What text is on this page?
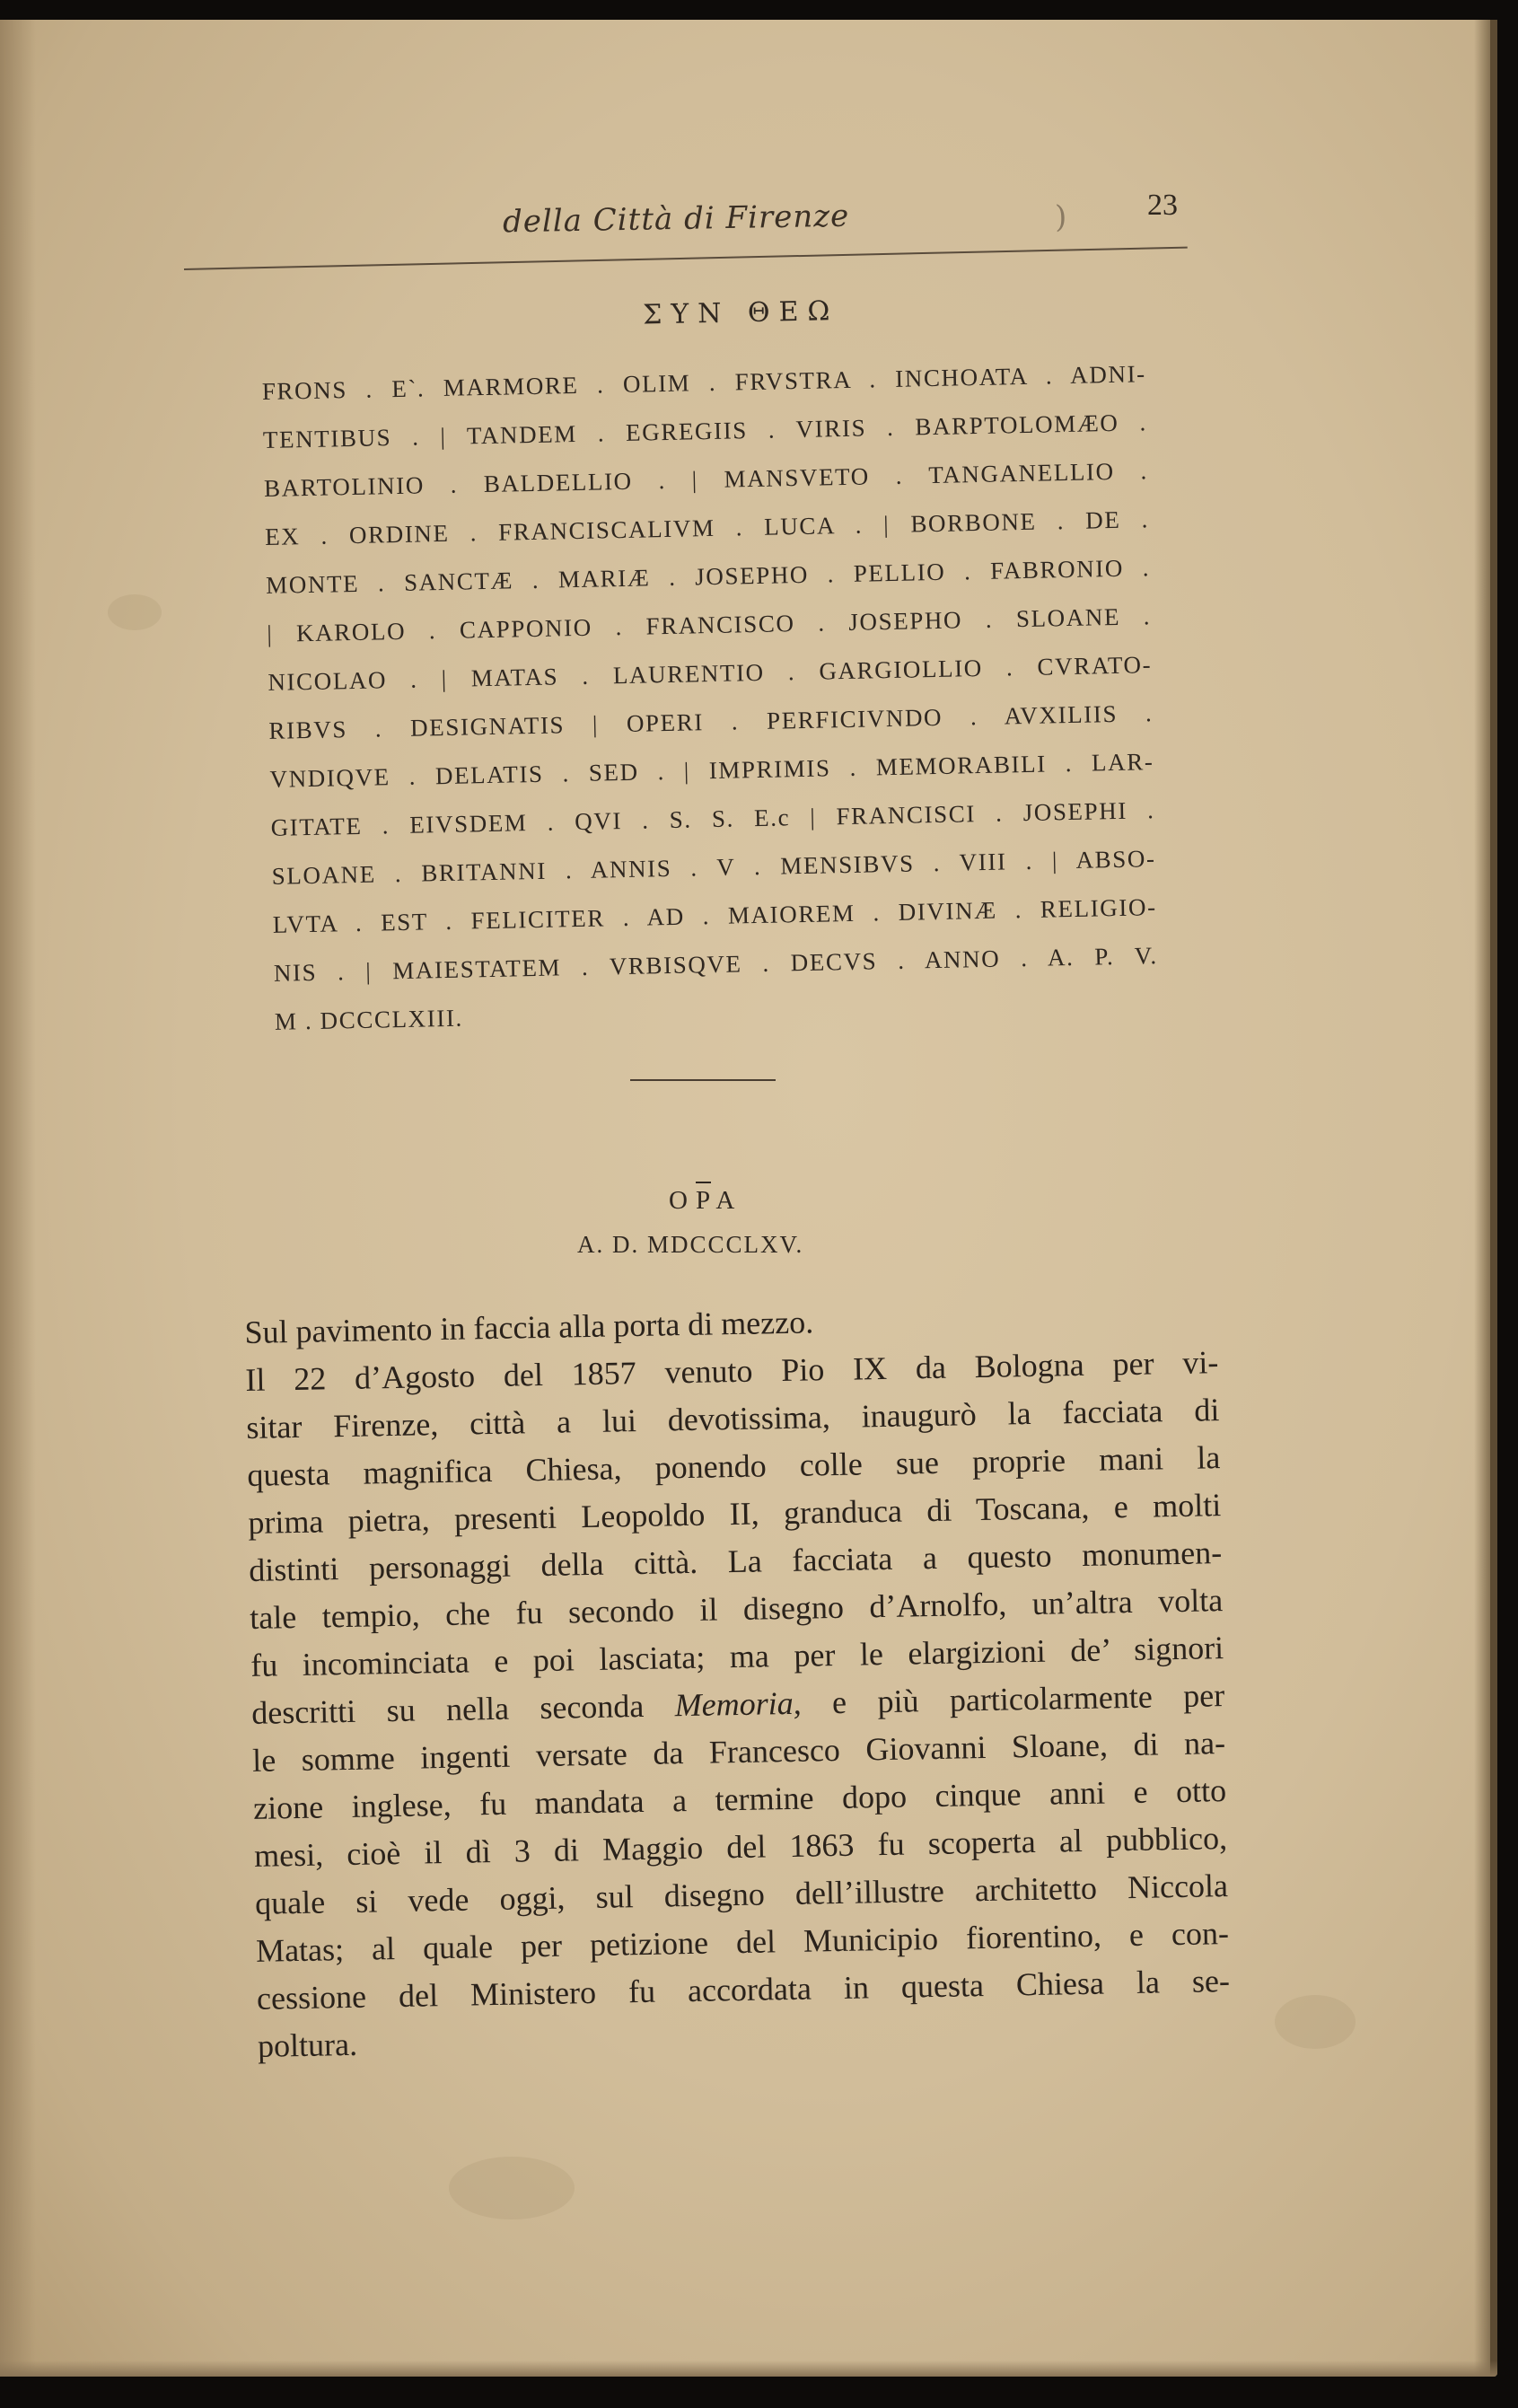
della Città di Firenze	)	23
ΣΥΝ ΘΕΩ
FRONS . E`. MARMORE . OLIM . FRVSTRA . INCHOATA . ADNI-
TENTIBUS . | TANDEM . EGREGIIS . VIRIS . BARPTOLOMÆO .
BARTOLINIO . BALDELLIO . | MANSVETO . TANGANELLIO .
EX . ORDINE . FRANCISCALIVM . LUCA . | BORBONE . DE .
MONTE . SANCTÆ . MARIÆ . JOSEPHO . PELLIO . FABRONIO .
| KAROLO . CAPPONIO . FRANCISCO . JOSEPHO . SLOANE .
NICOLAO . | MATAS . LAURENTIO . GARGIOLLIO . CVRATO-
RIBVS . DESIGNATIS | OPERI . PERFICIVNDO . AVXILIIS .
VNDIQVE . DELATIS . SED . | IMPRIMIS . MEMORABILI . LAR-
GITATE . EIVSDEM . QVI . S. S. E.c | FRANCISCI . JOSEPHI .
SLOANE . BRITANNI . ANNIS . V . MENSIBVS . VIII . | ABSO-
LVTA . EST . FELICITER . AD . MAIOREM . DIVINÆ . RELIGIO-
NIS . | MAIESTATEM . VRBISQVE . DECVS . ANNO . A. P. V.
M . DCCCLXIII.
OPA
A. D. MDCCCLXV.
Sul pavimento in faccia alla porta di mezzo.
Il 22 d’Agosto del 1857 venuto Pio IX da Bologna per vi-
sitar Firenze, città a lui devotissima, inaugurò la facciata di
questa magnifica Chiesa, ponendo colle sue proprie mani la
prima pietra, presenti Leopoldo II, granduca di Toscana, e molti
distinti personaggi della città. La facciata a questo monumen-
tale tempio, che fu secondo il disegno d’Arnolfo, un’altra volta
fu incominciata e poi lasciata; ma per le elargizioni de’ signori
descritti su nella seconda Memoria, e più particolarmente per
le somme ingenti versate da Francesco Giovanni Sloane, di na-
zione inglese, fu mandata a termine dopo cinque anni e otto
mesi, cioè il dì 3 di Maggio del 1863 fu scoperta al pubblico,
quale si vede oggi, sul disegno dell’illustre architetto Niccola
Matas; al quale per petizione del Municipio fiorentino, e con-
cessione del Ministero fu accordata in questa Chiesa la se-
poltura.
